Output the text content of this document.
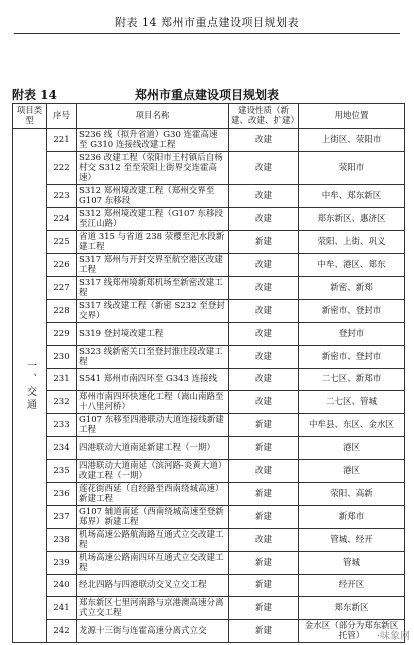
附表 14 郑州市重点建设项目规划表
附表 14	郑州市重点建设项目规划表
项目类型	序号	项目名称	建设性质（新建、改建、扩建）	用地位置
一、交通	221	S236 线（拟升省道）G30 连霍高速至 G310 连接线改建工程	改建	上街区、荥阳市
	222	S236 改建工程（荥阳市王村镇后自杨村交 S312 至至荥阳上街界交连霍高速）	改建	荥阳市
	223	S312 郑州境改建工程（郑州交界至 G107 东移段	改建	中牟、郑东新区
	224	S312 郑州境改建工程（G107 东移段至江山路）	改建	郑东新区、惠济区
	225	省道 315 与省道 238 荥樱至汜水段新建工程	新建	荥阳、上街、巩义
	226	S317 郑州与开封交界至航空港区改建工程	改建	中牟、港区、郑东
	227	S317 线郑州境新郑机场至新密改建工程	改建	新密、新郑
	228	S317 线改建工程（新密 S232 至登封交界）	改建	新密市、登封市
	229	S319 登封境改建工程	改建	登封市
	230	S323 线新密关口至登封淮庄段改建工程	改建	新密市、登封市
	231	S541 郑州市南四环至 G343 连接线	改建	二七区、新郑市
	232	郑州市南四环快速化工程（嵩山南路至十八里河桥）	改建	二七区、管城
	233	G107 东移至四港联动大道连接线新建工程	新建	中牟县、东区、金水区
	234	四港联动大道南延新建工程（一期）	新建	港区
	235	四港联动大道南延（滨河路-炎黄大道）改建工程（一期）	改建	港区
	236	莲花街西延（自经路至西南绕城高速）新建工程	新建	荥阳、高新
	237	G107 辅道南延（西南绕城高速至登新郑界）新建工程	新建	新郑市
	238	机场高速公路航海路互通式立交改建工程	改建	管城、经开
	239	机场高速公路南四环互通式立交改建工程	新建	管城
	240	经北四路与四港联动交叉立交工程	新建	经开区
	241	郑东新区七里河南路与京港澳高速分离式立交工程	新建	郑东新区
	242	龙源十三街与连霍高速分离式立交	新建	金水区（部分为郑东新区托管） ·味象网
